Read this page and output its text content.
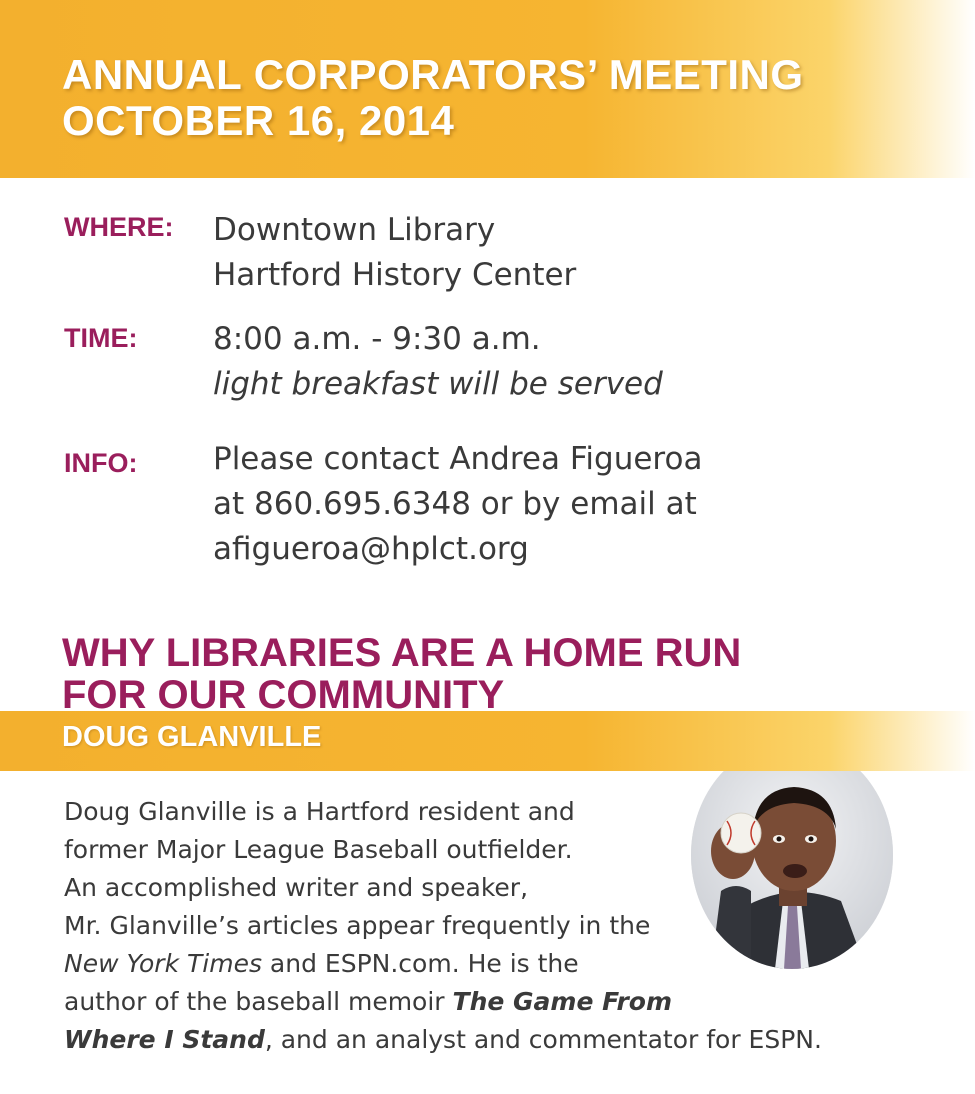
ANNUAL CORPORATORS’ MEETING
OCTOBER 16, 2014
WHERE: Downtown Library
Hartford History Center
TIME: 8:00 a.m. - 9:30 a.m.
light breakfast will be served
INFO: Please contact Andrea Figueroa
at 860.695.6348 or by email at
afigueroa@hplct.org
WHY LIBRARIES ARE A HOME RUN
FOR OUR COMMUNITY
DOUG GLANVILLE
Doug Glanville is a Hartford resident and
former Major League Baseball outfielder.
An accomplished writer and speaker,
Mr. Glanville’s articles appear frequently in the
New York Times and ESPN.com. He is the
author of the baseball memoir The Game From
Where I Stand, and an analyst and commentator for ESPN.
